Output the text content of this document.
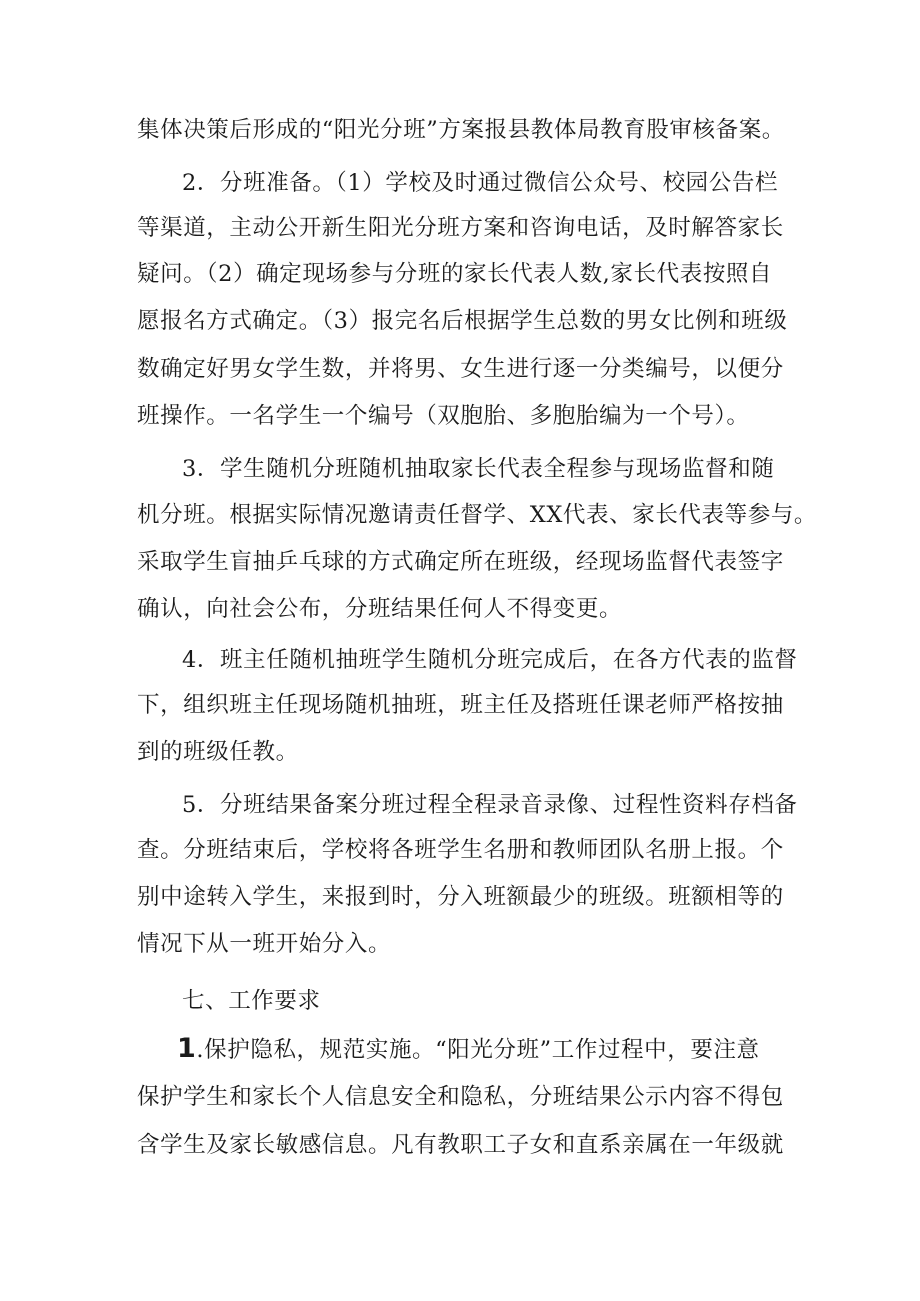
集体决策后形成的“阳光分班”方案报县教体局教育股审核备案。
2．分班准备。（1）学校及时通过微信公众号、校园公告栏
等渠道，主动公开新生阳光分班方案和咨询电话，及时解答家长
疑问。（2）确定现场参与分班的家长代表人数,家长代表按照自
愿报名方式确定。（3）报完名后根据学生总数的男女比例和班级
数确定好男女学生数，并将男、女生进行逐一分类编号，以便分
班操作。一名学生一个编号（双胞胎、多胞胎编为一个号）。
3．学生随机分班随机抽取家长代表全程参与现场监督和随
机分班。根据实际情况邀请责任督学、XX代表、家长代表等参与。
采取学生盲抽乒乓球的方式确定所在班级，经现场监督代表签字
确认，向社会公布，分班结果任何人不得变更。
4．班主任随机抽班学生随机分班完成后，在各方代表的监督
下，组织班主任现场随机抽班，班主任及搭班任课老师严格按抽
到的班级任教。
5．分班结果备案分班过程全程录音录像、过程性资料存档备
查。分班结束后，学校将各班学生名册和教师团队名册上报。个
别中途转入学生，来报到时，分入班额最少的班级。班额相等的
情况下从一班开始分入。
七、工作要求
1.保护隐私，规范实施。“阳光分班”工作过程中，要注意
保护学生和家长个人信息安全和隐私，分班结果公示内容不得包
含学生及家长敏感信息。凡有教职工子女和直系亲属在一年级就
